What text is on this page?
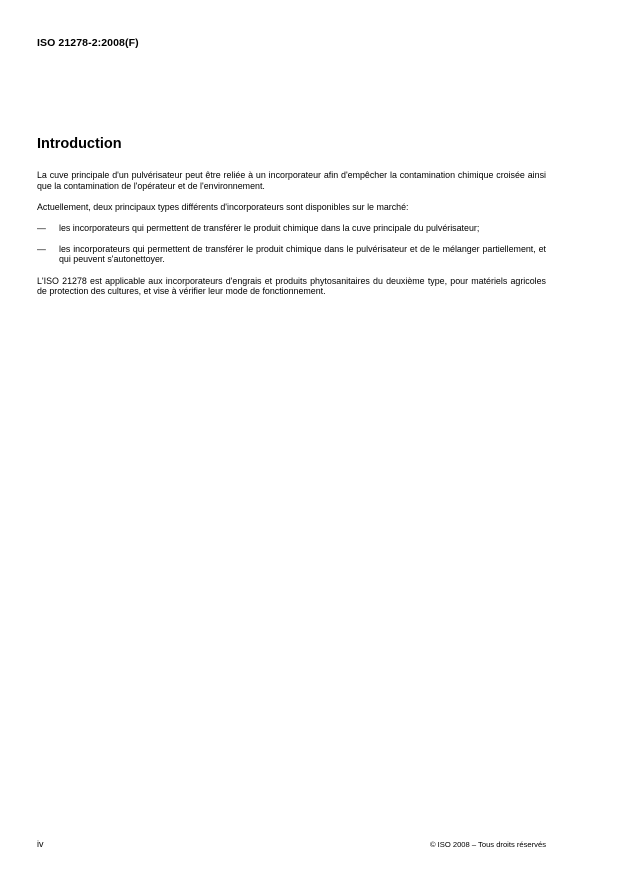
ISO 21278-2:2008(F)
Introduction

La cuve principale d'un pulvérisateur peut être reliée à un incorporateur afin d'empêcher la contamination chimique croisée ainsi que la contamination de l'opérateur et de l'environnement.

Actuellement, deux principaux types différents d'incorporateurs sont disponibles sur le marché:

—	les incorporateurs qui permettent de transférer le produit chimique dans la cuve principale du pulvérisateur;
—	les incorporateurs qui permettent de transférer le produit chimique dans le pulvérisateur et de le mélanger partiellement, et qui peuvent s'autonettoyer.

L'ISO 21278 est applicable aux incorporateurs d'engrais et produits phytosanitaires du deuxième type, pour matériels agricoles de protection des cultures, et vise à vérifier leur mode de fonctionnement.

iv	© ISO 2008 – Tous droits réservés
